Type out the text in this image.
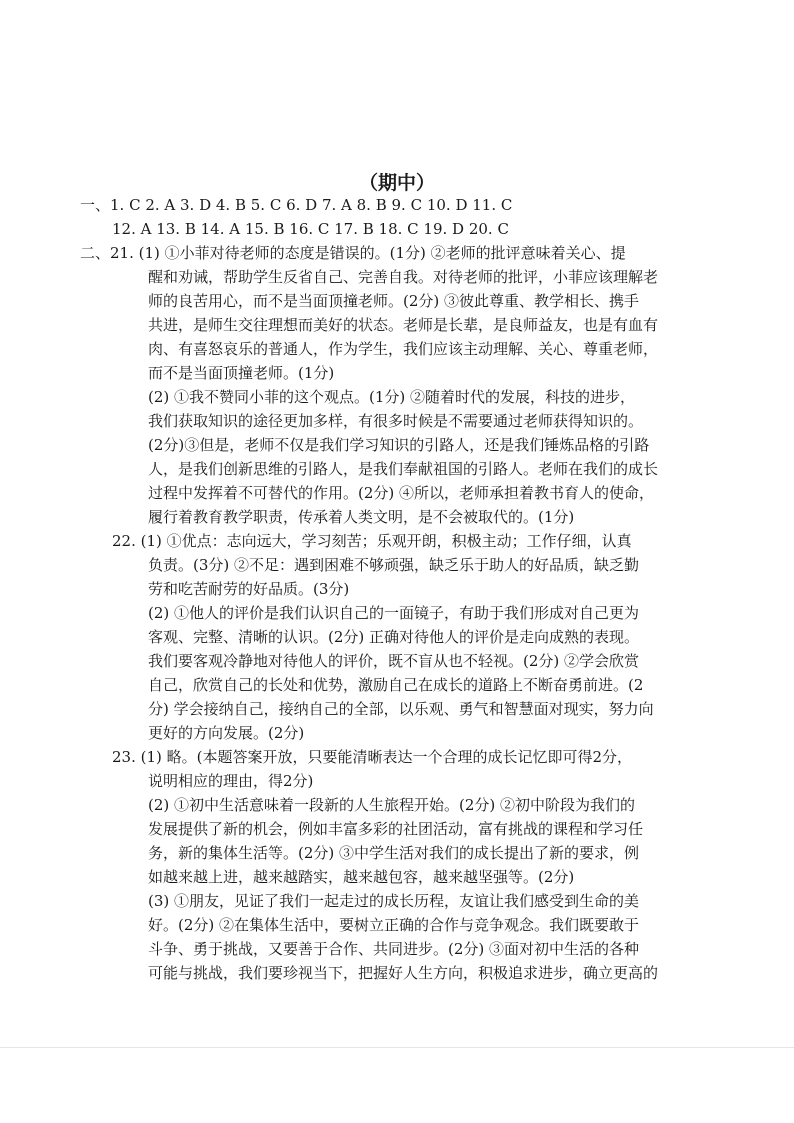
（期中）
一、1. C 2. A 3. D 4. B 5. C 6. D 7. A 8. B 9. C 10. D 11. C
12. A 13. B 14. A 15. B 16. C 17. B 18. C 19. D 20. C
二、21. (1) ①小菲对待老师的态度是错误的。(1分) ②老师的批评意味着关心、提
醒和劝诫，帮助学生反省自己、完善自我。对待老师的批评，小菲应该理解老
师的良苦用心，而不是当面顶撞老师。(2分) ③彼此尊重、教学相长、携手
共进，是师生交往理想而美好的状态。老师是长辈，是良师益友，也是有血有
肉、有喜怒哀乐的普通人，作为学生，我们应该主动理解、关心、尊重老师，
而不是当面顶撞老师。(1分)
(2) ①我不赞同小菲的这个观点。(1分) ②随着时代的发展，科技的进步，
我们获取知识的途径更加多样，有很多时候是不需要通过老师获得知识的。
(2分)③但是，老师不仅是我们学习知识的引路人，还是我们锤炼品格的引路
人，是我们创新思维的引路人，是我们奉献祖国的引路人。老师在我们的成长
过程中发挥着不可替代的作用。(2分) ④所以，老师承担着教书育人的使命，
履行着教育教学职责，传承着人类文明，是不会被取代的。(1分)
22. (1) ①优点：志向远大，学习刻苦；乐观开朗，积极主动；工作仔细，认真
负责。(3分) ②不足：遇到困难不够顽强，缺乏乐于助人的好品质，缺乏勤
劳和吃苦耐劳的好品质。(3分)
(2) ①他人的评价是我们认识自己的一面镜子，有助于我们形成对自己更为
客观、完整、清晰的认识。(2分) 正确对待他人的评价是走向成熟的表现。
我们要客观冷静地对待他人的评价，既不盲从也不轻视。(2分) ②学会欣赏
自己，欣赏自己的长处和优势，激励自己在成长的道路上不断奋勇前进。(2
分) 学会接纳自己，接纳自己的全部，以乐观、勇气和智慧面对现实，努力向
更好的方向发展。(2分)
23. (1) 略。(本题答案开放，只要能清晰表达一个合理的成长记忆即可得2分，
说明相应的理由，得2分)
(2) ①初中生活意味着一段新的人生旅程开始。(2分) ②初中阶段为我们的
发展提供了新的机会，例如丰富多彩的社团活动，富有挑战的课程和学习任
务，新的集体生活等。(2分) ③中学生活对我们的成长提出了新的要求，例
如越来越上进，越来越踏实，越来越包容，越来越坚强等。(2分)
(3) ①朋友，见证了我们一起走过的成长历程，友谊让我们感受到生命的美
好。(2分) ②在集体生活中，要树立正确的合作与竞争观念。我们既要敢于
斗争、勇于挑战，又要善于合作、共同进步。(2分) ③面对初中生活的各种
可能与挑战，我们要珍视当下，把握好人生方向，积极追求进步，确立更高的
